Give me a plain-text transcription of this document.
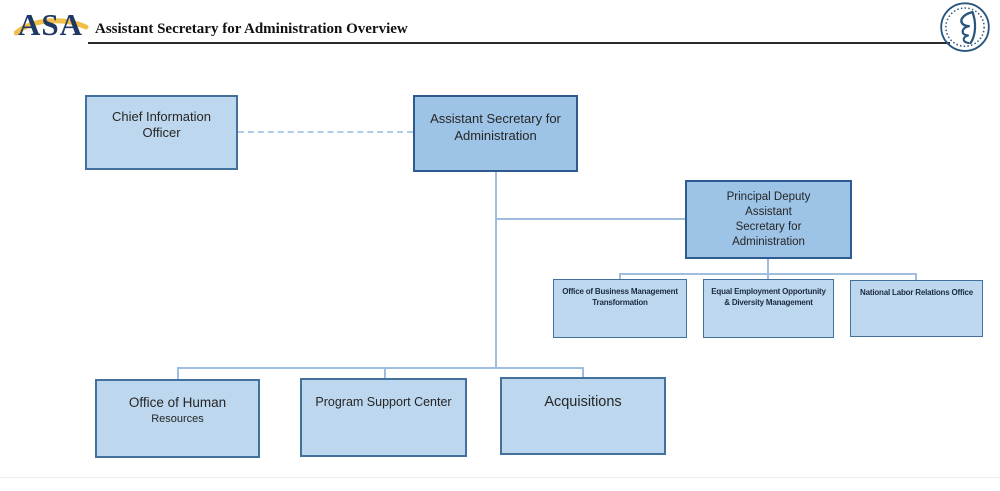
ASA Assistant Secretary for Administration Overview
Chief Information
Officer
Assistant Secretary for
Administration
Principal Deputy
Assistant
Secretary for
Administration
Office of Business Management
Transformation
Equal Employment Opportunity
& Diversity Management
National Labor Relations Office
Office of Human
Resources
Program Support Center	Acquisitions
